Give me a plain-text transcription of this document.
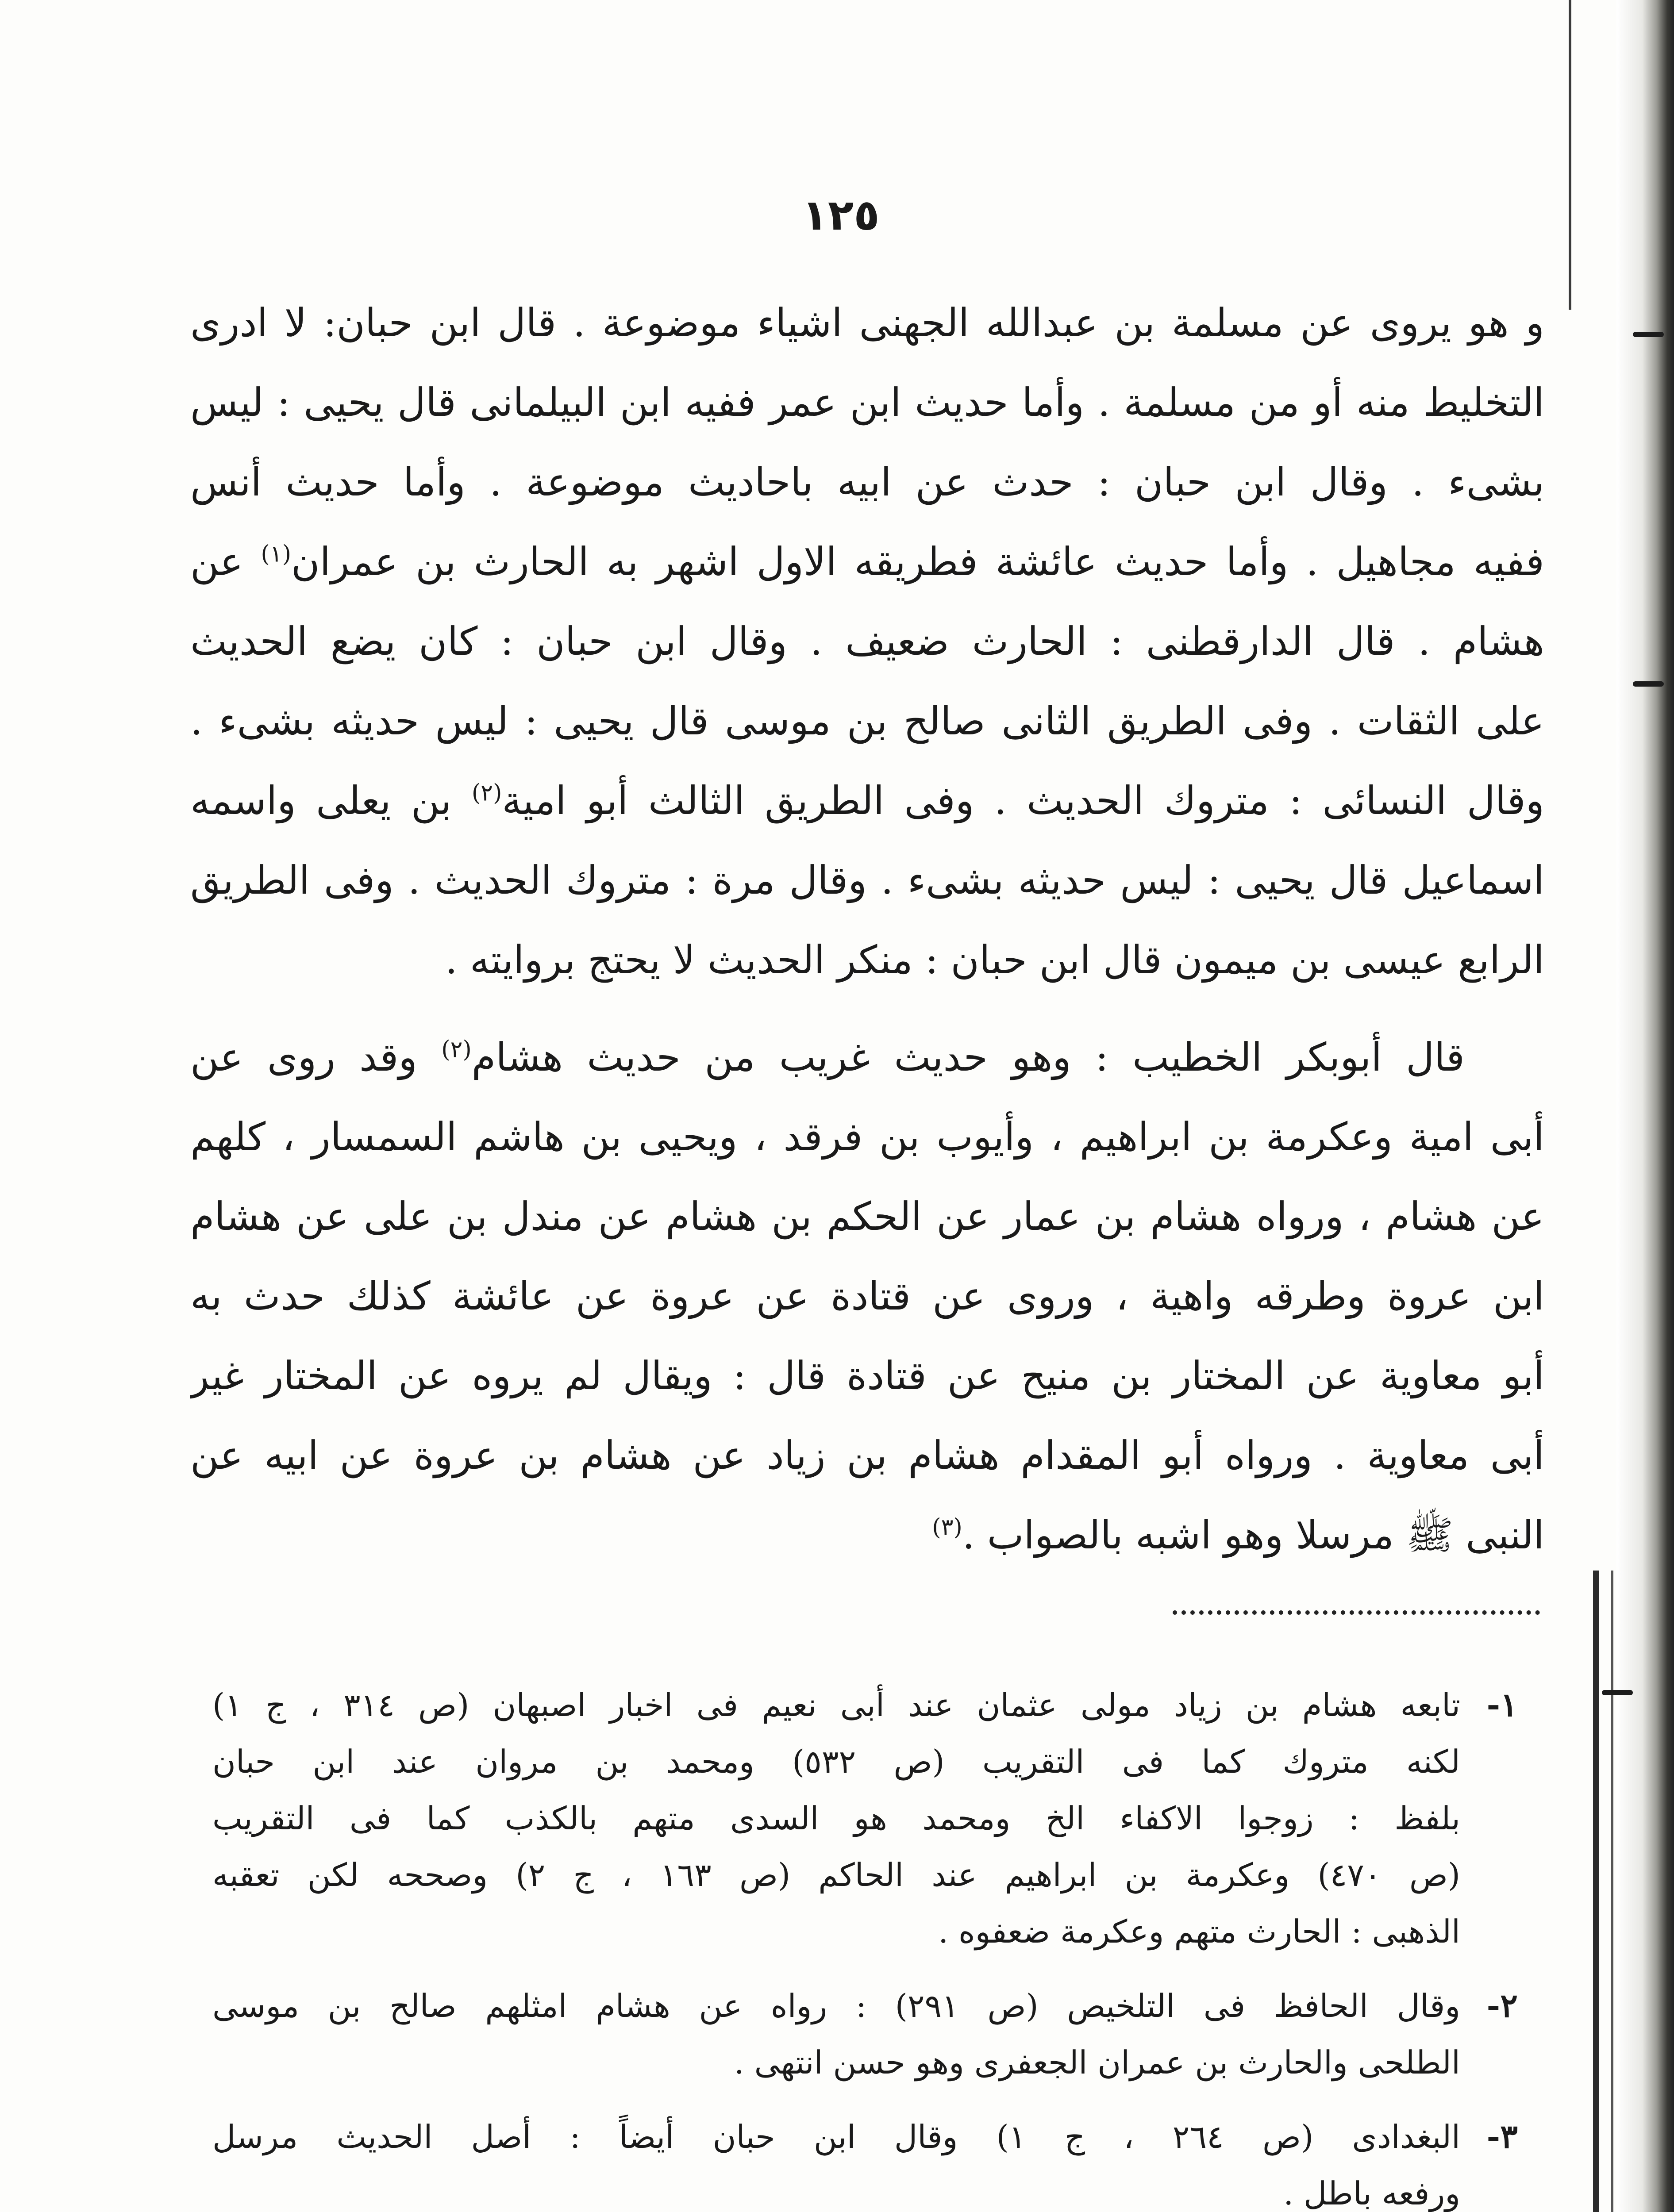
١٢٥
و هو يروى عن مسلمة بن عبدالله الجهنى اشياء موضوعة . قال ابن حبان: لا ادرى
التخليط منه أو من مسلمة . وأما حديث ابن عمر ففيه ابن البيلمانى قال يحيى : ليس
بشىء . وقال ابن حبان : حدث عن ابيه باحاديث موضوعة . وأما حديث أنس
ففيه مجاهيل . وأما حديث عائشة فطريقه الاول اشهر به الحارث بن عمران$^{(١)}$ عن
هشام . قال الدارقطنى : الحارث ضعيف . وقال ابن حبان : كان يضع الحديث
على الثقات . وفى الطريق الثانى صالح بن موسى قال يحيى : ليس حديثه بشىء .
وقال النسائى : متروك الحديث . وفى الطريق الثالث أبو امية$^{(٢)}$ بن يعلى واسمه
اسماعيل قال يحيى : ليس حديثه بشىء . وقال مرة : متروك الحديث . وفى الطريق
الرابع عيسى بن ميمون قال ابن حبان : منكر الحديث لا يحتج بروايته .
قال أبوبكر الخطيب : وهو حديث غريب من حديث هشام$^{(٢)}$ وقد روى عن
أبى امية وعكرمة بن ابراهيم ، وأيوب بن فرقد ، ويحيى بن هاشم السمسار ، كلهم
عن هشام ، ورواه هشام بن عمار عن الحكم بن هشام عن مندل بن على عن هشام
ابن عروة وطرقه واهية ، وروى عن قتادة عن عروة عن عائشة كذلك حدث به
أبو معاوية عن المختار بن منيح عن قتادة قال : ويقال لم يروه عن المختار غير
أبى معاوية . ورواه أبو المقدام هشام بن زياد عن هشام بن عروة عن ابيه عن
النبى ﷺ مرسلا وهو اشبه بالصواب .$^{(٣)}$
١-
تابعه هشام بن زياد مولى عثمان عند أبى نعيم فى اخبار اصبهان (ص ٣١٤ ، ج ١)
لكنه متروك كما فى التقريب (ص ٥٣٢) ومحمد بن مروان عند ابن حبان
بلفظ : زوجوا الاكفاء الخ ومحمد هو السدى متهم بالكذب كما فى التقريب
(ص ٤٧٠) وعكرمة بن ابراهيم عند الحاكم (ص ١٦٣ ، ج ٢) وصححه لكن تعقبه
الذهبى : الحارث متهم وعكرمة ضعفوه .
٢-
وقال الحافظ فى التلخيص (ص ٢٩١) : رواه عن هشام امثلهم صالح بن موسى
الطلحى والحارث بن عمران الجعفرى وهو حسن انتهى .
٣-
البغدادى (ص ٢٦٤ ، ج ١) وقال ابن حبان أيضاً : أصل الحديث مرسل
ورفعه باطل .
